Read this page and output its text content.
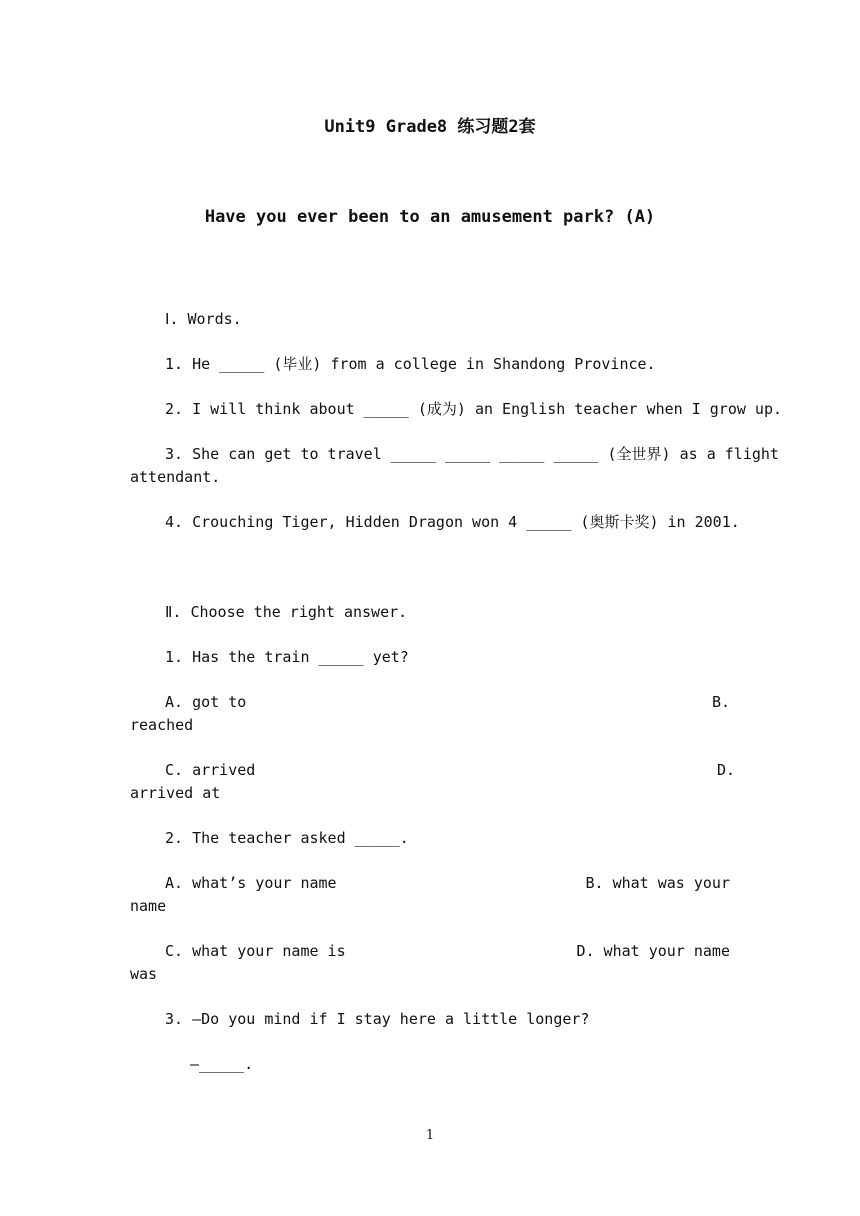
Unit9 Grade8 练习题2套
Have you ever been to an amusement park? (A)
Ⅰ. Words.
1. He _____ (毕业) from a college in Shandong Province.
2. I will think about _____ (成为) an English teacher when I grow up.
3. She can get to travel _____ _____ _____ _____ (全世界) as a flight
attendant.
4. Crouching Tiger, Hidden Dragon won 4 _____ (奥斯卡奖) in 2001.
Ⅱ. Choose the right answer.
1. Has the train _____ yet?
A. got to	B.
reached
C. arrived	D.
arrived at
2. The teacher asked _____.
A. what’s your name	B. what was your
name
C. what your name is	D. what your name
was
3. —Do you mind if I stay here a little longer?
—_____.
1
